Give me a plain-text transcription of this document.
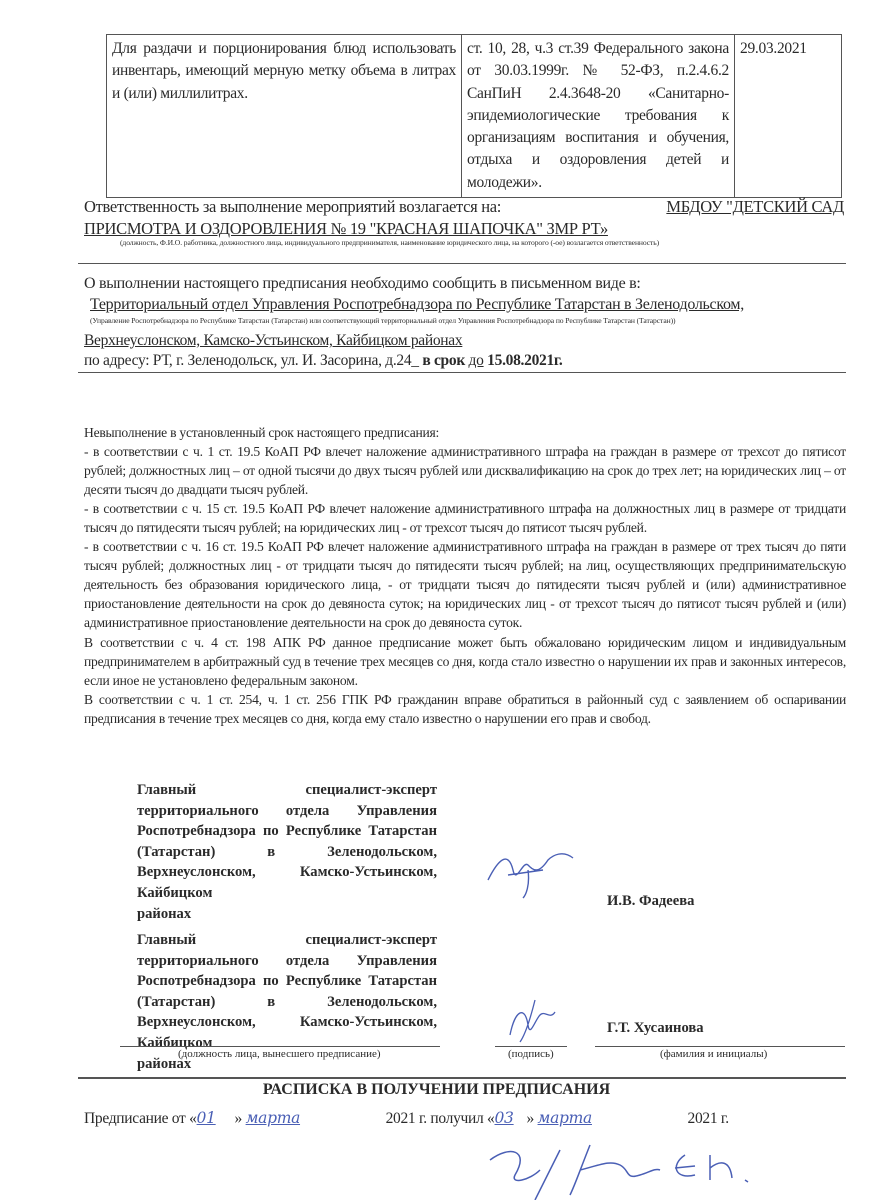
Для раздачи и порционирования блюд использовать инвентарь, имеющий мерную метку объема в литрах и (или) миллилитрах.	ст. 10, 28, ч.3 ст.39 Федерального закона от 30.03.1999г. № 52-ФЗ, п.2.4.6.2 СанПиН 2.4.3648-20 «Санитарно-эпидемиологические требования к организациям воспитания и обучения, отдыха и оздоровления детей и молодежи».	29.03.2021
Ответственность за выполнение мероприятий возлагается на:	МБДОУ "ДЕТСКИЙ САД
ПРИСМОТРА И ОЗДОРОВЛЕНИЯ № 19 "КРАСНАЯ ШАПОЧКА" ЗМР РТ»
(должность, Ф.И.О. работника, должностного лица, индивидуального предпринимателя, наименование юридического лица, на которого (-ое) возлагается ответственность)
О выполнении настоящего предписания необходимо сообщить в письменном виде в:
Территориальный отдел Управления Роспотребнадзора по Республике Татарстан в Зеленодольском,
(Управление Роспотребнадзора по Республике Татарстан (Татарстан) или соответствующий территориальный отдел Управления Роспотребнадзора по Республике Татарстан (Татарстан))
Верхнеуслонском, Камско-Устьинском, Кайбицком районах
по адресу: РТ, г. Зеленодольск, ул. И. Засорина, д.24_ в срок до 15.08.2021г.
Невыполнение в установленный срок настоящего предписания:
- в соответствии с ч. 1 ст. 19.5 КоАП РФ влечет наложение административного штрафа на граждан в размере от трехсот до пятисот рублей; должностных лиц – от одной тысячи до двух тысяч рублей или дисквалификацию на срок до трех лет; на юридических лиц – от десяти тысяч до двадцати тысяч рублей.
- в соответствии с ч. 15 ст. 19.5 КоАП РФ влечет наложение административного штрафа на должностных лиц в размере от тридцати тысяч до пятидесяти тысяч рублей; на юридических лиц - от трехсот тысяч до пятисот тысяч рублей.
- в соответствии с ч. 16 ст. 19.5 КоАП РФ влечет наложение административного штрафа на граждан в размере от трех тысяч до пяти тысяч рублей; должностных лиц - от тридцати тысяч до пятидесяти тысяч рублей; на лиц, осуществляющих предпринимательскую деятельность без образования юридического лица, - от тридцати тысяч до пятидесяти тысяч рублей и (или) административное приостановление деятельности на срок до девяноста суток; на юридических лиц - от трехсот тысяч до пятисот тысяч рублей и (или) административное приостановление деятельности на срок до девяноста суток.
В соответствии с ч. 4 ст. 198 АПК РФ данное предписание может быть обжаловано юридическим лицом и индивидуальным предпринимателем в арбитражный суд в течение трех месяцев со дня, когда стало известно о нарушении их прав и законных интересов, если иное не установлено федеральным законом.
В соответствии с ч. 1 ст. 254, ч. 1 ст. 256 ГПК РФ гражданин вправе обратиться в районный суд с заявлением об оспаривании предписания в течение трех месяцев со дня, когда ему стало известно о нарушении его прав и свобод.
Главный специалист-эксперт территориального отдела Управления Роспотребнадзора по Республике Татарстан (Татарстан) в Зеленодольском, Верхнеуслонском, Камско-Устьинском, Кайбицком
районах
И.В. Фадеева
Главный специалист-эксперт территориального отдела Управления Роспотребнадзора по Республике Татарстан (Татарстан) в Зеленодольском, Верхнеуслонском, Камско-Устьинском, Кайбицком
районах
Г.Т. Хусаинова
(должность лица, вынесшего предписание)	(подпись)	(фамилия и инициалы)
РАСПИСКА В ПОЛУЧЕНИИ ПРЕДПИСАНИЯ
Предписание от «01 » марта	2021 г. получил «03 » марта	2021 г.
